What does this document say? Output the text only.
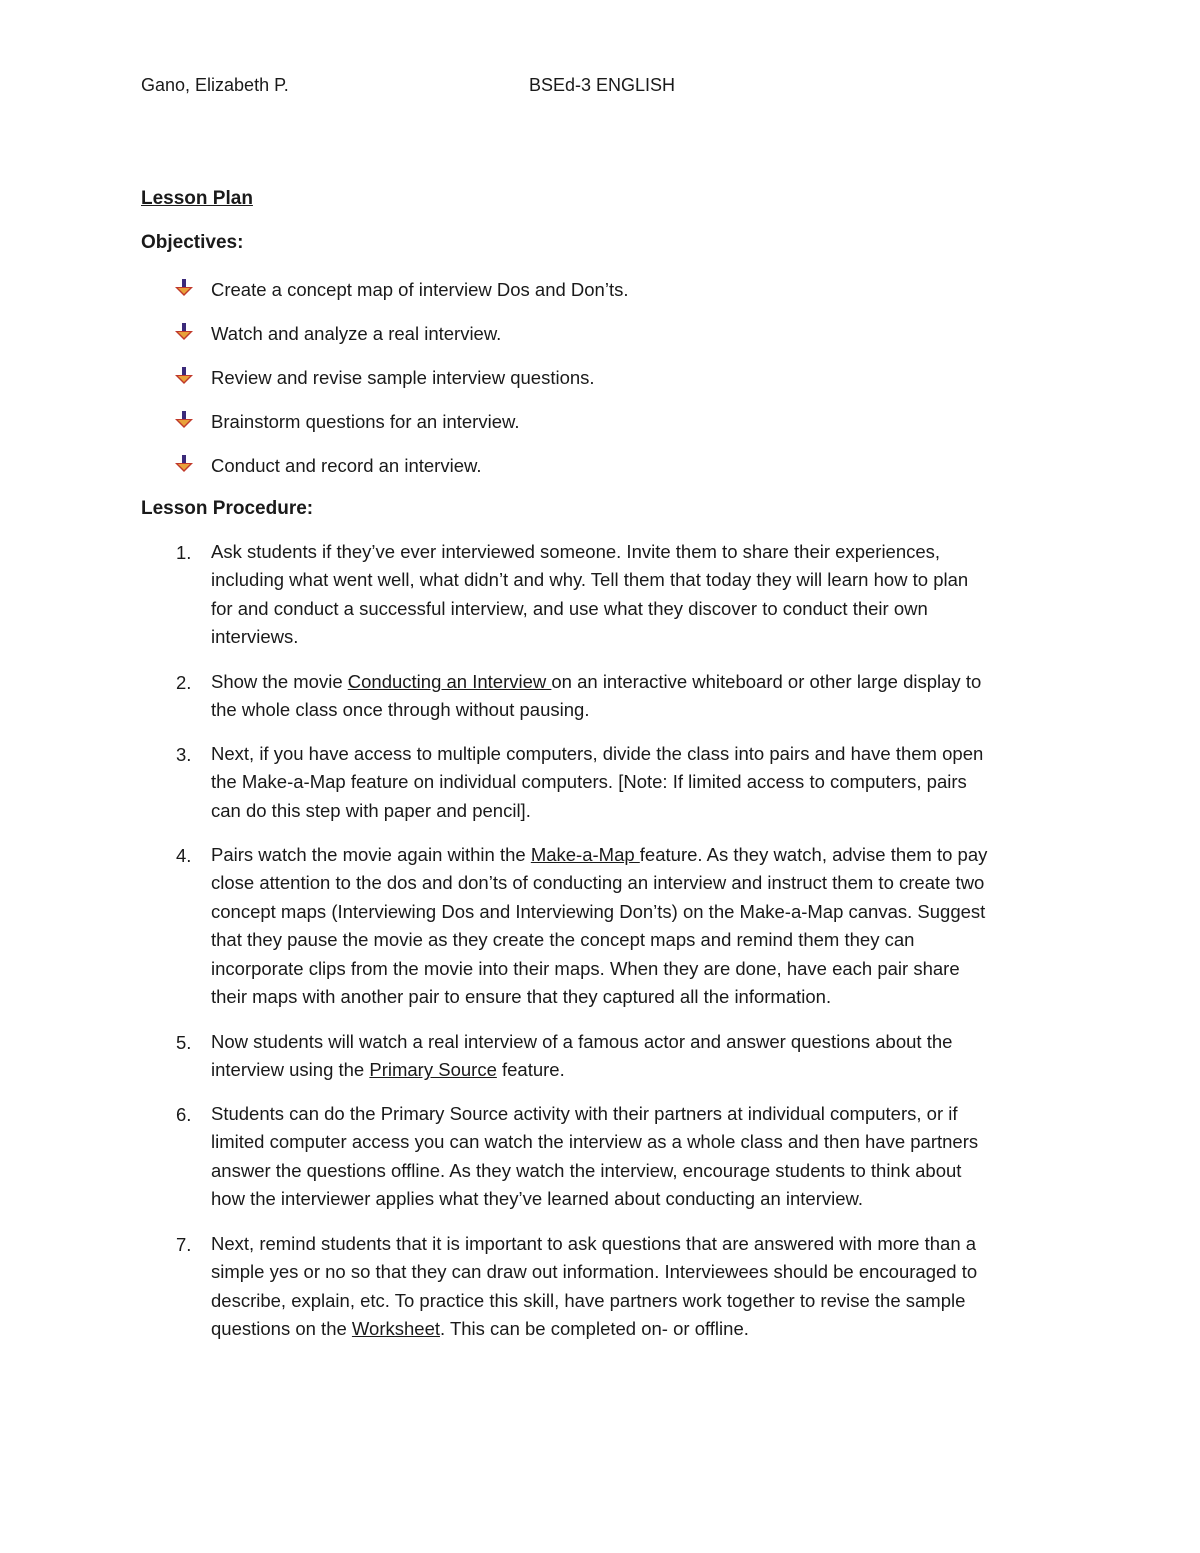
Gano, Elizabeth P.	BSEd-3 ENGLISH
Lesson Plan
Objectives:
Create a concept map of interview Dos and Don’ts.
Watch and analyze a real interview.
Review and revise sample interview questions.
Brainstorm questions for an interview.
Conduct and record an interview.
Lesson Procedure:
1. Ask students if they’ve ever interviewed someone. Invite them to share their experiences,
including what went well, what didn’t and why. Tell them that today they will learn how to plan
for and conduct a successful interview, and use what they discover to conduct their own
interviews.
2. Show the movie Conducting an Interview on an interactive whiteboard or other large display to
the whole class once through without pausing.
3. Next, if you have access to multiple computers, divide the class into pairs and have them open
the Make-a-Map feature on individual computers. [Note: If limited access to computers, pairs
can do this step with paper and pencil].
4. Pairs watch the movie again within the Make-a-Map feature. As they watch, advise them to pay
close attention to the dos and don’ts of conducting an interview and instruct them to create two
concept maps (Interviewing Dos and Interviewing Don’ts) on the Make-a-Map canvas. Suggest
that they pause the movie as they create the concept maps and remind them they can
incorporate clips from the movie into their maps. When they are done, have each pair share
their maps with another pair to ensure that they captured all the information.
5. Now students will watch a real interview of a famous actor and answer questions about the
interview using the Primary Source feature.
6. Students can do the Primary Source activity with their partners at individual computers, or if
limited computer access you can watch the interview as a whole class and then have partners
answer the questions offline. As they watch the interview, encourage students to think about
how the interviewer applies what they’ve learned about conducting an interview.
7. Next, remind students that it is important to ask questions that are answered with more than a
simple yes or no so that they can draw out information. Interviewees should be encouraged to
describe, explain, etc. To practice this skill, have partners work together to revise the sample
questions on the Worksheet. This can be completed on- or offline.
